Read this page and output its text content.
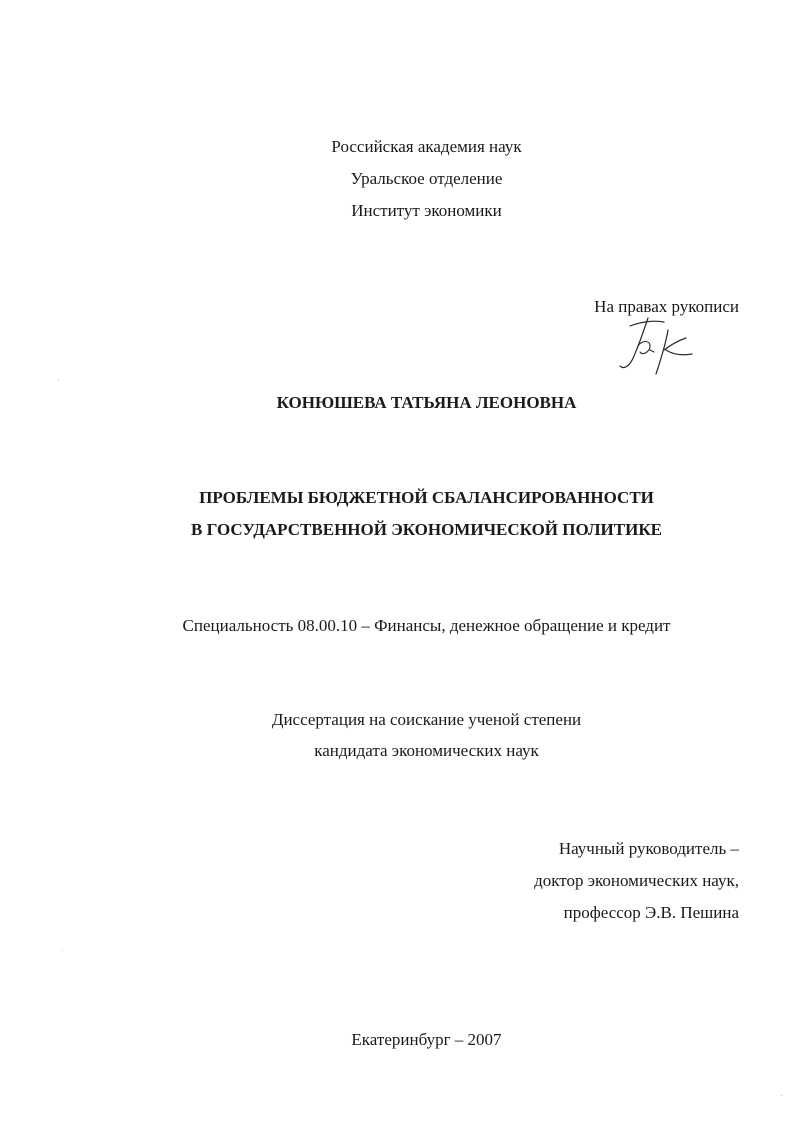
Российская академия наук
Уральское отделение
Институт экономики
На правах рукописи
КОНЮШЕВА ТАТЬЯНА ЛЕОНОВНА
ПРОБЛЕМЫ БЮДЖЕТНОЙ СБАЛАНСИРОВАННОСТИ
В ГОСУДАРСТВЕННОЙ ЭКОНОМИЧЕСКОЙ ПОЛИТИКЕ
Специальность 08.00.10 – Финансы, денежное обращение и кредит
Диссертация на соискание ученой степени
кандидата экономических наук
Научный руководитель –
доктор экономических наук,
профессор Э.В. Пешина
Екатеринбург – 2007
